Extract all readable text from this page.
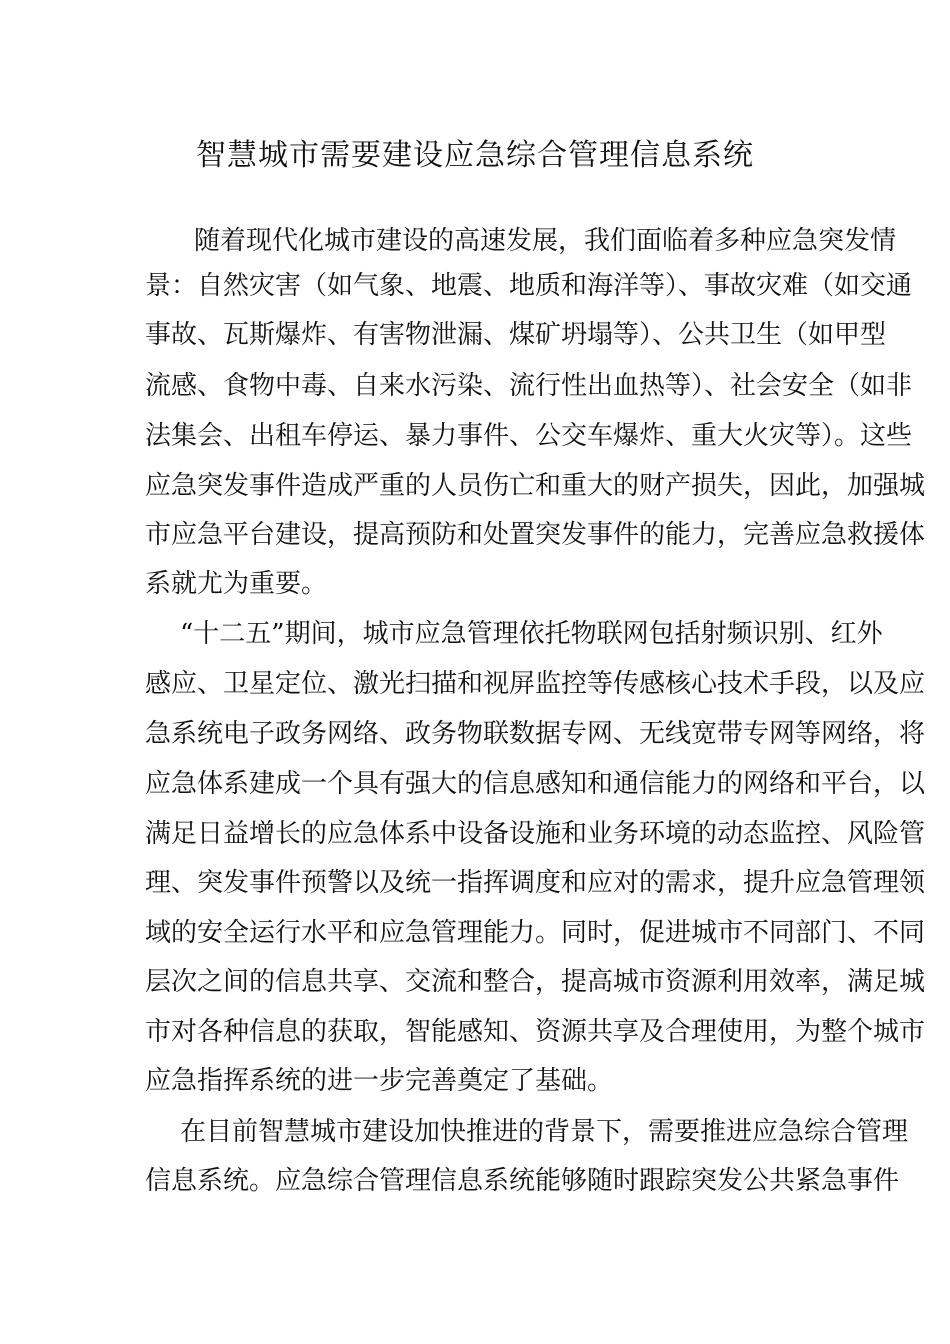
智慧城市需要建设应急综合管理信息系统
随着现代化城市建设的高速发展，我们面临着多种应急突发情
景：自然灾害（如气象、地震、地质和海洋等）、事故灾难（如交通
事故、瓦斯爆炸、有害物泄漏、煤矿坍塌等）、公共卫生（如甲型
流感、食物中毒、自来水污染、流行性出血热等）、社会安全（如非
法集会、出租车停运、暴力事件、公交车爆炸、重大火灾等）。这些
应急突发事件造成严重的人员伤亡和重大的财产损失，因此，加强城
市应急平台建设，提高预防和处置突发事件的能力，完善应急救援体
系就尤为重要。
“十二五”期间，城市应急管理依托物联网包括射频识别、红外
感应、卫星定位、激光扫描和视屏监控等传感核心技术手段，以及应
急系统电子政务网络、政务物联数据专网、无线宽带专网等网络，将
应急体系建成一个具有强大的信息感知和通信能力的网络和平台，以
满足日益增长的应急体系中设备设施和业务环境的动态监控、风险管
理、突发事件预警以及统一指挥调度和应对的需求，提升应急管理领
域的安全运行水平和应急管理能力。同时，促进城市不同部门、不同
层次之间的信息共享、交流和整合，提高城市资源利用效率，满足城
市对各种信息的获取，智能感知、资源共享及合理使用，为整个城市
应急指挥系统的进一步完善奠定了基础。
在目前智慧城市建设加快推进的背景下，需要推进应急综合管理
信息系统。应急综合管理信息系统能够随时跟踪突发公共紧急事件
